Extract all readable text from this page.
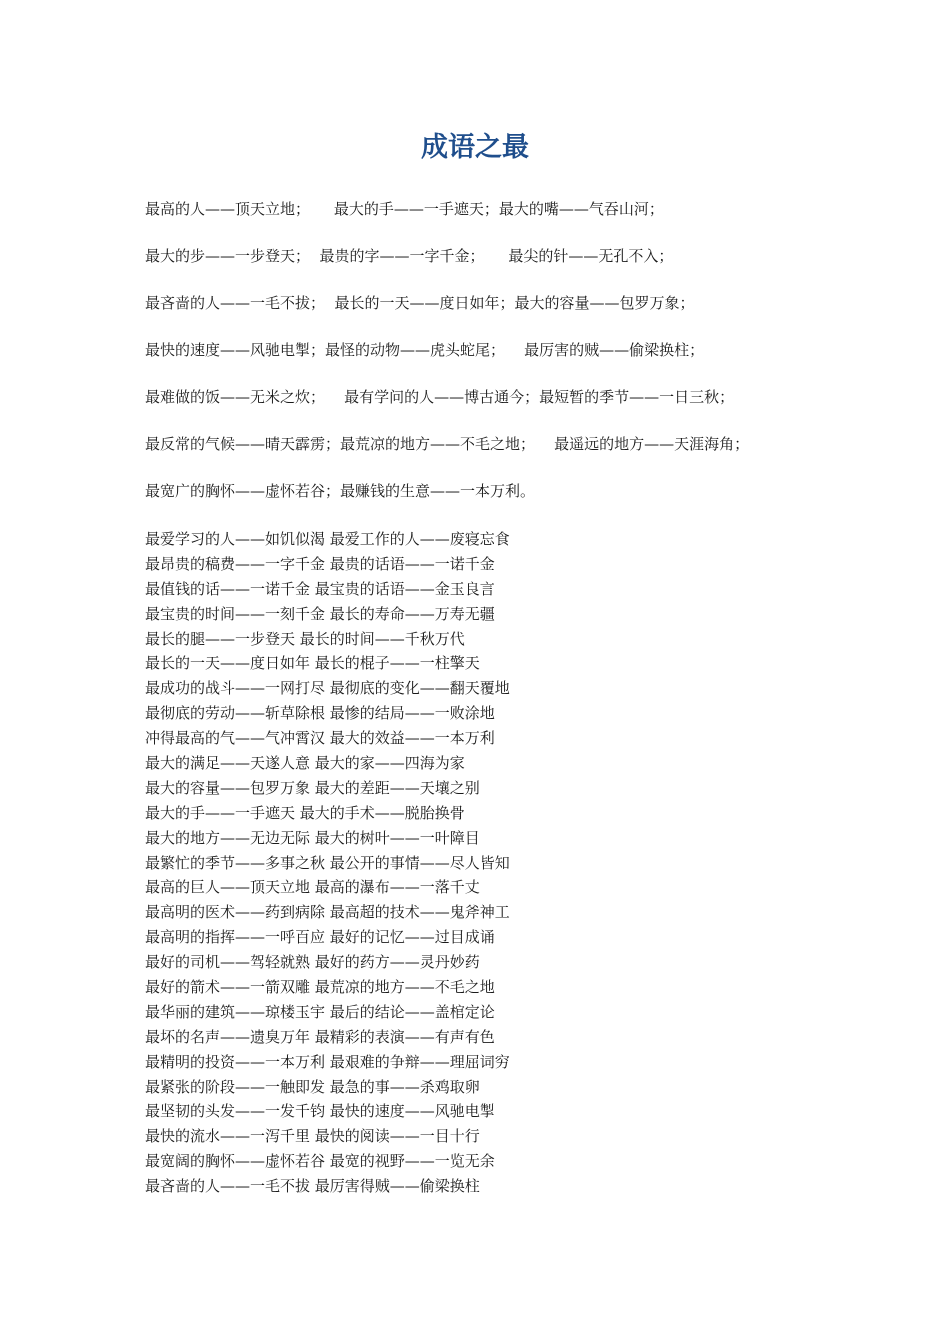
成语之最

最高的人——顶天立地；     最大的手——一手遮天；最大的嘴——气吞山河；

最大的步——一步登天；  最贵的字——一字千金；     最尖的针——无孔不入；

最吝啬的人——一毛不拔；  最长的一天——度日如年；最大的容量——包罗万象；

最快的速度——风驰电掣；最怪的动物——虎头蛇尾；    最厉害的贼——偷梁换柱；

最难做的饭——无米之炊；    最有学问的人——博古通今；最短暂的季节——一日三秋；

最反常的气候——晴天霹雳；最荒凉的地方——不毛之地；    最遥远的地方——天涯海角；

最宽广的胸怀——虚怀若谷；最赚钱的生意——一本万利。

最爱学习的人——如饥似渴 最爱工作的人——废寝忘食
最昂贵的稿费——一字千金 最贵的话语——一诺千金
最值钱的话——一诺千金 最宝贵的话语——金玉良言
最宝贵的时间——一刻千金 最长的寿命——万寿无疆
最长的腿——一步登天 最长的时间——千秋万代
最长的一天——度日如年 最长的棍子——一柱擎天
最成功的战斗——一网打尽 最彻底的变化——翻天覆地
最彻底的劳动——斩草除根 最惨的结局——一败涂地
冲得最高的气——气冲霄汉 最大的效益——一本万利
最大的满足——天遂人意 最大的家——四海为家
最大的容量——包罗万象 最大的差距——天壤之别
最大的手——一手遮天 最大的手术——脱胎换骨
最大的地方——无边无际 最大的树叶——一叶障目
最繁忙的季节——多事之秋 最公开的事情——尽人皆知
最高的巨人——顶天立地 最高的瀑布——一落千丈
最高明的医术——药到病除 最高超的技术——鬼斧神工
最高明的指挥——一呼百应 最好的记忆——过目成诵
最好的司机——驾轻就熟 最好的药方——灵丹妙药
最好的箭术——一箭双雕 最荒凉的地方——不毛之地
最华丽的建筑——琼楼玉宇 最后的结论——盖棺定论
最坏的名声——遗臭万年 最精彩的表演——有声有色
最精明的投资——一本万利 最艰难的争辩——理屈词穷
最紧张的阶段——一触即发 最急的事——杀鸡取卵
最坚韧的头发——一发千钧 最快的速度——风驰电掣
最快的流水——一泻千里 最快的阅读——一目十行
最宽阔的胸怀——虚怀若谷 最宽的视野——一览无余
最吝啬的人——一毛不拔 最厉害得贼——偷梁换柱
